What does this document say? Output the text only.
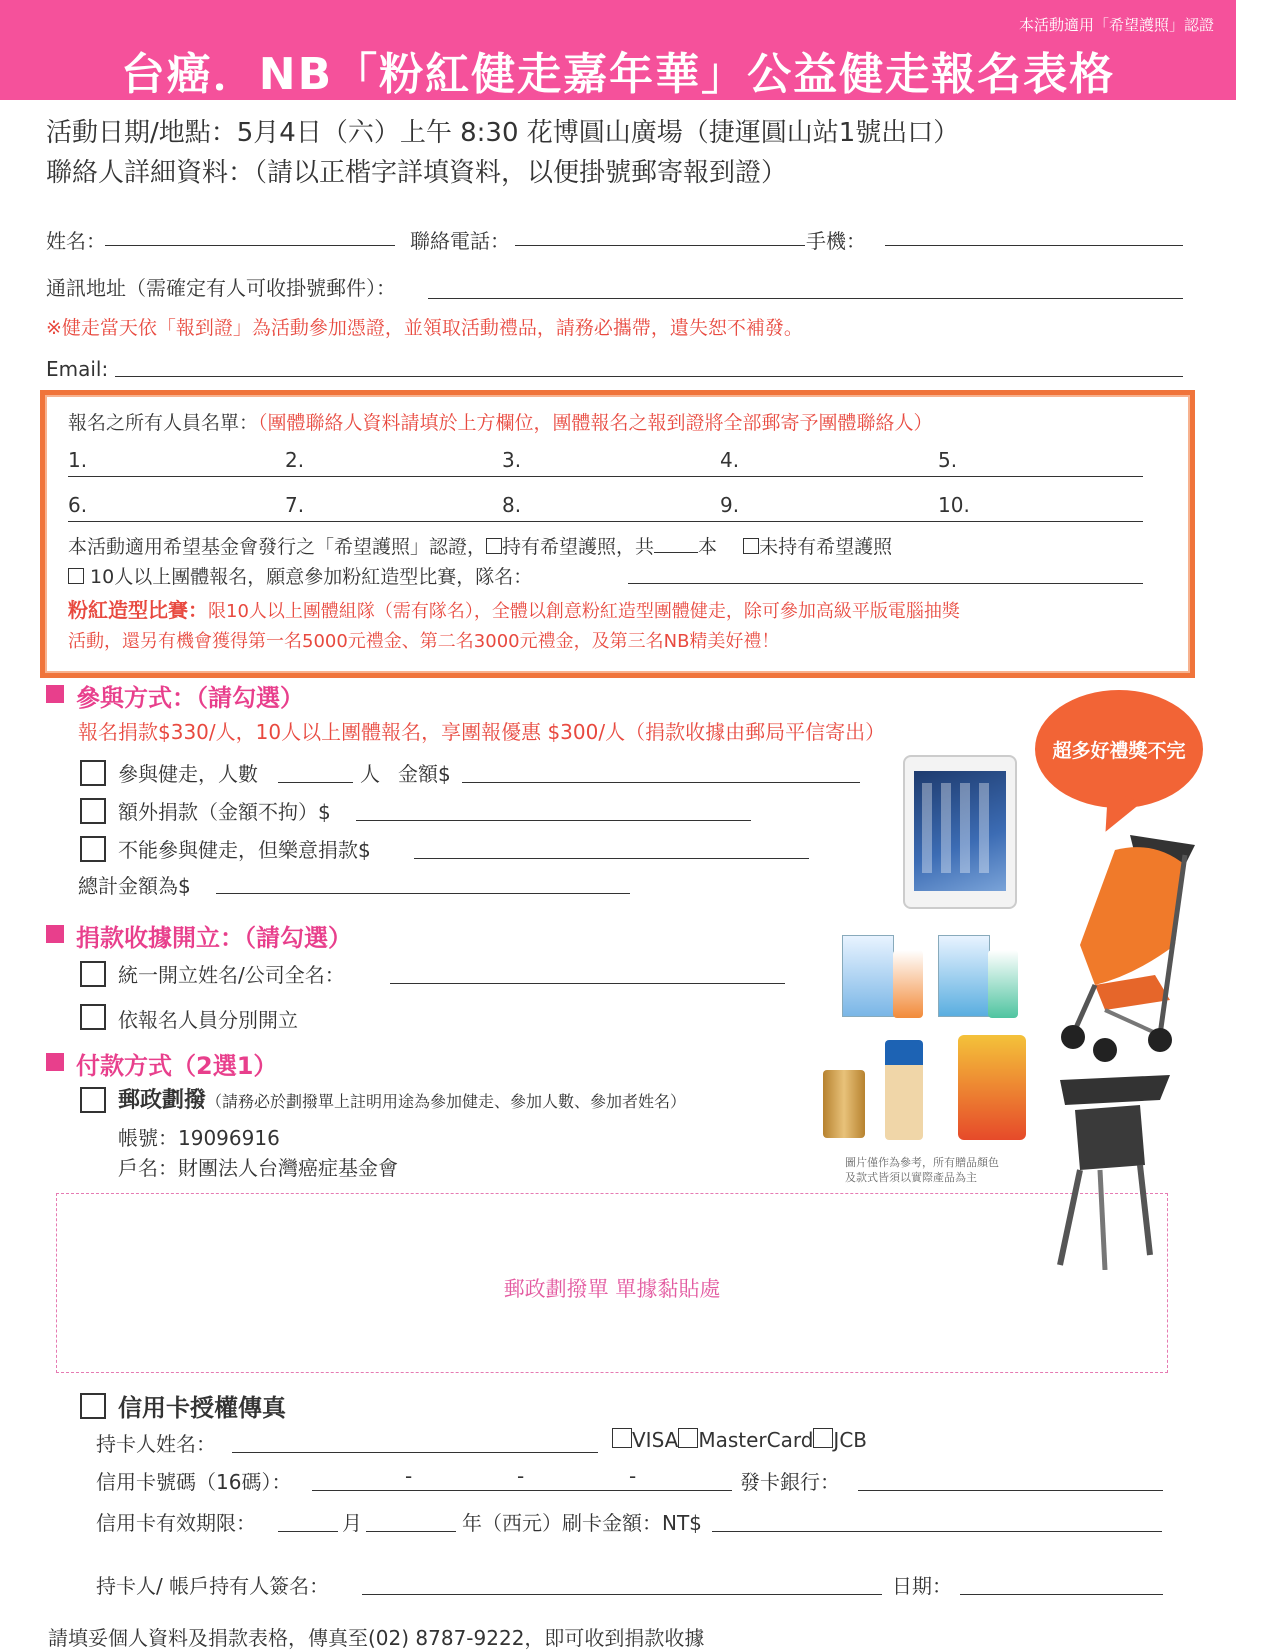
本活動適用「希望護照」認證
台癌．NB「粉紅健走嘉年華」公益健走報名表格
活動日期/地點：5月4日（六）上午 8:30 花博圓山廣場（捷運圓山站1號出口）
聯絡人詳細資料：（請以正楷字詳填資料，以便掛號郵寄報到證）
姓名：	聯絡電話：	手機：
通訊地址（需確定有人可收掛號郵件）：
※健走當天依「報到證」為活動參加憑證，並領取活動禮品，請務必攜帶，遺失恕不補發。
Email:
報名之所有人員名單：（團體聯絡人資料請填於上方欄位，團體報名之報到證將全部郵寄予團體聯絡人）
1.	2.	3.	4.	5.
6.	7.	8.	9.	10.
本活動適用希望基金會發行之「希望護照」認證， 持有希望護照，共 本 未持有希望護照
10人以上團體報名，願意參加粉紅造型比賽，隊名：
粉紅造型比賽：限10人以上團體組隊（需有隊名），全體以創意粉紅造型團體健走，除可參加高級平版電腦抽獎
活動，還另有機會獲得第一名5000元禮金、第二名3000元禮金，及第三名NB精美好禮！
參與方式：（請勾選）
報名捐款$330/人，10人以上團體報名，享團報優惠 $300/人（捐款收據由郵局平信寄出）
參與健走，人數	人 金額$
額外捐款（金額不拘）$
不能參與健走，但樂意捐款$
總計金額為$
捐款收據開立：（請勾選）
統一開立姓名/公司全名：
依報名人員分別開立
付款方式（2選1）
郵政劃撥（請務必於劃撥單上註明用途為參加健走、參加人數、參加者姓名）
帳號：19096916
戶名：財團法人台灣癌症基金會
郵政劃撥單 單據黏貼處
超多好禮獎不完
圖片僅作為參考，所有贈品顏色
及款式皆須以實際產品為主
信用卡授權傳真
持卡人姓名：	VISA MasterCard JCB
信用卡號碼（16碼）：	-	-	-	發卡銀行：
信用卡有效期限：	月	年（西元）刷卡金額：NT$
持卡人/ 帳戶持有人簽名：	日期：
請填妥個人資料及捐款表格，傳真至(02) 8787-9222，即可收到捐款收據
